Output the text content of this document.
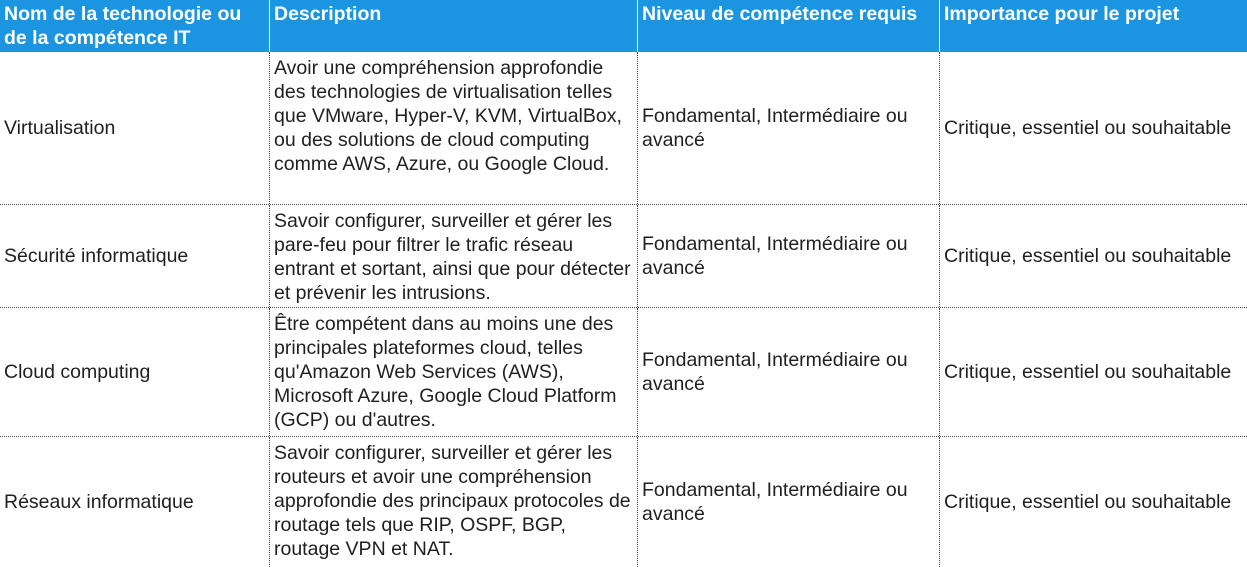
Nom de la technologie ou de la compétence IT
Description	Niveau de compétence requis	Importance pour le projet
Virtualisation
Avoir une compréhension approfondie des technologies de virtualisation telles que VMware, Hyper-V, KVM, VirtualBox, ou des solutions de cloud computing comme AWS, Azure, ou Google Cloud.
Fondamental, Intermédiaire ou avancé
Critique, essentiel ou souhaitable
Sécurité informatique
Savoir configurer, surveiller et gérer les pare-feu pour filtrer le trafic réseau entrant et sortant, ainsi que pour détecter et prévenir les intrusions.
Fondamental, Intermédiaire ou avancé
Critique, essentiel ou souhaitable
Cloud computing
Être compétent dans au moins une des principales plateformes cloud, telles qu'Amazon Web Services (AWS), Microsoft Azure, Google Cloud Platform (GCP) ou d'autres.
Fondamental, Intermédiaire ou avancé
Critique, essentiel ou souhaitable
Réseaux informatique
Savoir configurer, surveiller et gérer les routeurs et avoir une compréhension approfondie des principaux protocoles de routage tels que RIP, OSPF, BGP, routage VPN et NAT.
Fondamental, Intermédiaire ou avancé
Critique, essentiel ou souhaitable
